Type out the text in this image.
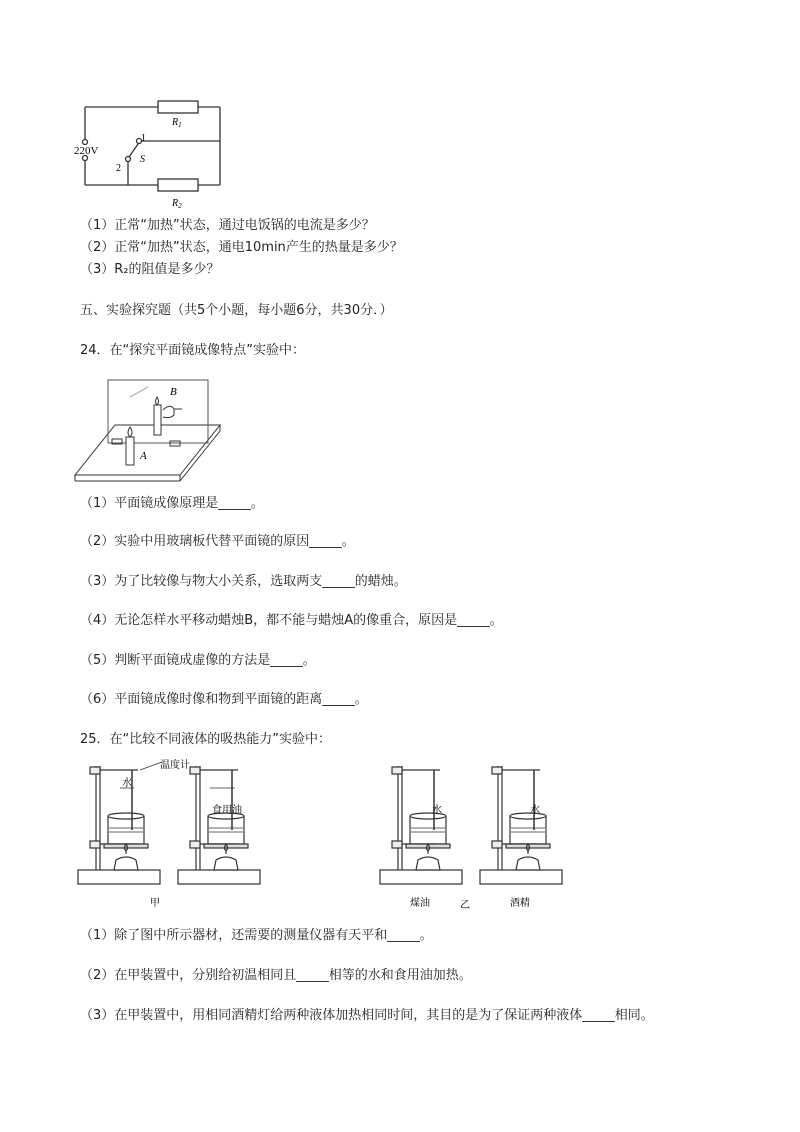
220V
$R_1$
$R_2$
S
1
2
（1）正常“加热”状态，通过电饭锅的电流是多少？
（2）正常“加热”状态，通电10min产生的热量是多少？
（3）R₂的阻值是多少？
五、实验探究题（共5个小题，每小题6分，共30分．）
24．在“探究平面镜成像特点”实验中：
A
B
（1）平面镜成像原理是_____。
（2）实验中用玻璃板代替平面镜的原因_____。
（3）为了比较像与物大小关系，选取两支_____的蜡烛。
（4）无论怎样水平移动蜡烛B，都不能与蜡烛A的像重合，原因是_____。
（5）判断平面镜成虚像的方法是_____。
（6）平面镜成像时像和物到平面镜的距离_____。
25．在“比较不同液体的吸热能力”实验中：
水
温度计
食用油	水	水
甲	煤油	乙	酒精
（1）除了图中所示器材，还需要的测量仪器有天平和_____。
（2）在甲装置中，分别给初温相同且_____相等的水和食用油加热。
（3）在甲装置中，用相同酒精灯给两种液体加热相同时间，其目的是为了保证两种液体_____相同。
